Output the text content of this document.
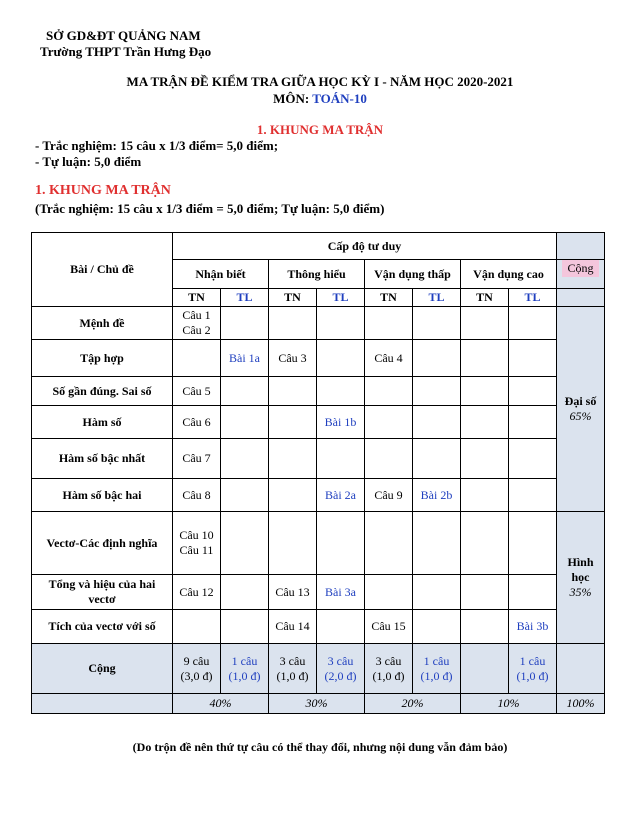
SỞ GD&ĐT QUẢNG NAM
Trường THPT Trần Hưng Đạo
MA TRẬN ĐỀ KIỂM TRA GIỮA HỌC KỲ I - NĂM HỌC 2020-2021
MÔN: TOÁN-10
1. KHUNG MA TRẬN
- Trắc nghiệm: 15 câu x 1/3 điểm= 5,0 điểm;
- Tự luận: 5,0 điểm
1. KHUNG MA TRẬN
(Trắc nghiệm: 15 câu x 1/3 điểm = 5,0 điểm; Tự luận: 5,0 điểm)
Bài / Chủ đề	Cấp độ tư duy								
	Nhận biết		Thông hiểu		Vận dụng thấp		Vận dụng cao		Cộng
	TN	TL	TN	TL	TN	TL	TN	TL	
Mệnh đề	Câu 1 Câu 2								Đại số
65%

Tập hợp		Bài 1a	Câu 3		Câu 4				
Số gần đúng. Sai số	Câu 5								
Hàm số	Câu 6			Bài 1b					
Hàm số bậc nhất	Câu 7								
Hàm số bậc hai	Câu 8			Bài 2a	Câu 9	Bài 2b			
Vectơ-Các định nghĩa	Câu 10 Câu 11								Hình học
35%

Tổng và hiệu của hai vectơ	Câu 12		Câu 13	Bài 3a					
Tích của vectơ với số			Câu 14		Câu 15			Bài 3b	
Cộng	9 câu (3,0 đ)	1 câu (1,0 đ)	3 câu (1,0 đ)	3 câu (2,0 đ)	3 câu (1,0 đ)	1 câu (1,0 đ)		1 câu (1,0 đ)	
	40%		30%		20%		10%		100%
(Do trộn đề nên thứ tự câu có thể thay đổi, nhưng nội dung vẫn đảm bảo)
